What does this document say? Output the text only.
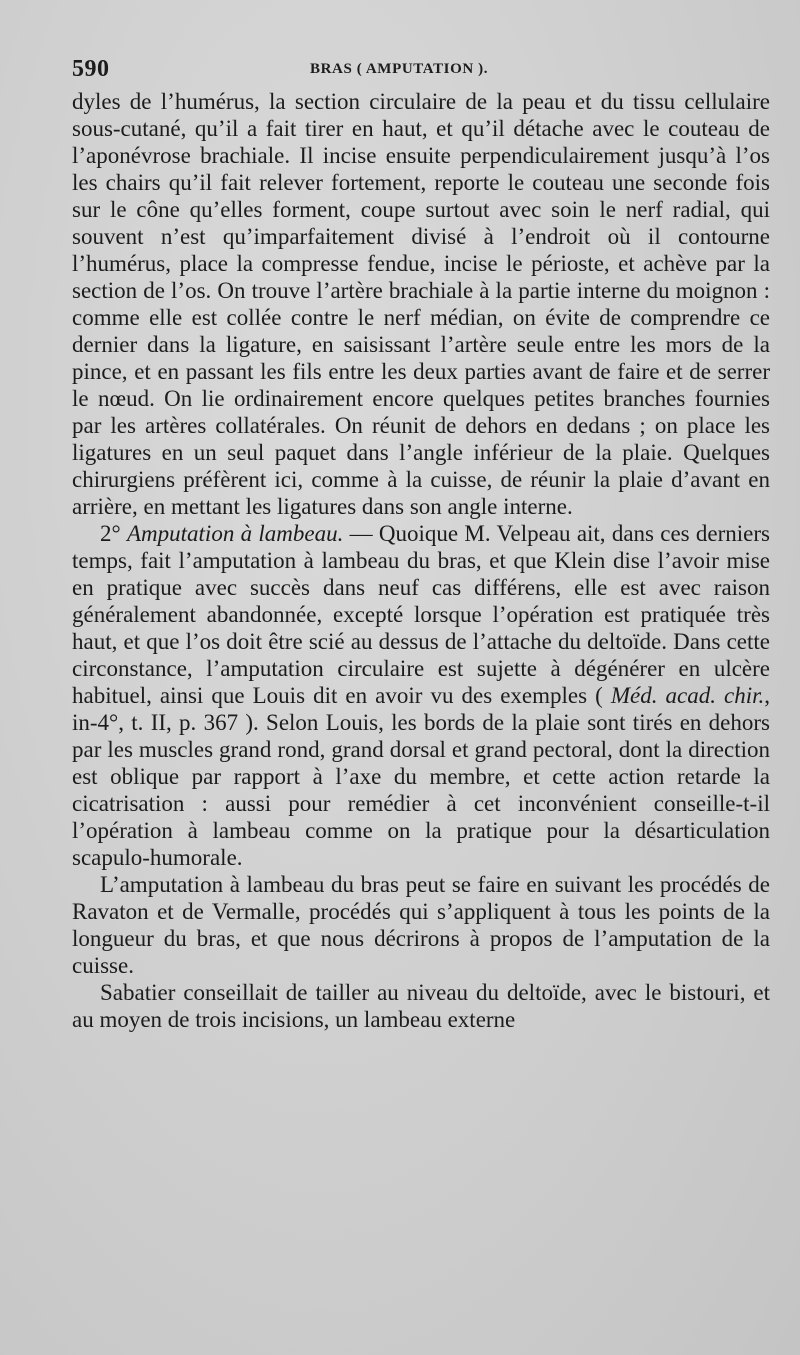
590	BRAS ( AMPUTATION ).

dyles de l’humérus, la section circulaire de la peau et du tissu cellulaire sous-cutané, qu’il a fait tirer en haut, et qu’il détache avec le couteau de l’aponévrose brachiale. Il incise ensuite perpendiculairement jusqu’à l’os les chairs qu’il fait relever fortement, reporte le couteau une seconde fois sur le cône qu’elles forment, coupe surtout avec soin le nerf radial, qui souvent n’est qu’imparfaitement divisé à l’endroit où il contourne l’humérus, place la compresse fendue, incise le périoste, et achève par la section de l’os. On trouve l’artère brachiale à la partie interne du moignon : comme elle est collée contre le nerf médian, on évite de comprendre ce dernier dans la ligature, en saisissant l’artère seule entre les mors de la pince, et en passant les fils entre les deux parties avant de faire et de serrer le nœud. On lie ordinairement encore quelques petites branches fournies par les artères collatérales. On réunit de dehors en dedans ; on place les ligatures en un seul paquet dans l’angle inférieur de la plaie. Quelques chirurgiens préfèrent ici, comme à la cuisse, de réunir la plaie d’avant en arrière, en mettant les ligatures dans son angle interne.

2° Amputation à lambeau. — Quoique M. Velpeau ait, dans ces derniers temps, fait l’amputation à lambeau du bras, et que Klein dise l’avoir mise en pratique avec succès dans neuf cas différens, elle est avec raison généralement abandonnée, excepté lorsque l’opération est pratiquée très haut, et que l’os doit être scié au dessus de l’attache du deltoïde. Dans cette circonstance, l’amputation circulaire est sujette à dégénérer en ulcère habituel, ainsi que Louis dit en avoir vu des exemples ( Méd. acad. chir., in-4°, t. II, p. 367 ). Selon Louis, les bords de la plaie sont tirés en dehors par les muscles grand rond, grand dorsal et grand pectoral, dont la direction est oblique par rapport à l’axe du membre, et cette action retarde la cicatrisation : aussi pour remédier à cet inconvénient conseille-t-il l’opération à lambeau comme on la pratique pour la désarticulation scapulo-humorale.

L’amputation à lambeau du bras peut se faire en suivant les procédés de Ravaton et de Vermalle, procédés qui s’appliquent à tous les points de la longueur du bras, et que nous décrirons à propos de l’amputation de la cuisse.

Sabatier conseillait de tailler au niveau du deltoïde, avec le bistouri, et au moyen de trois incisions, un lambeau externe
